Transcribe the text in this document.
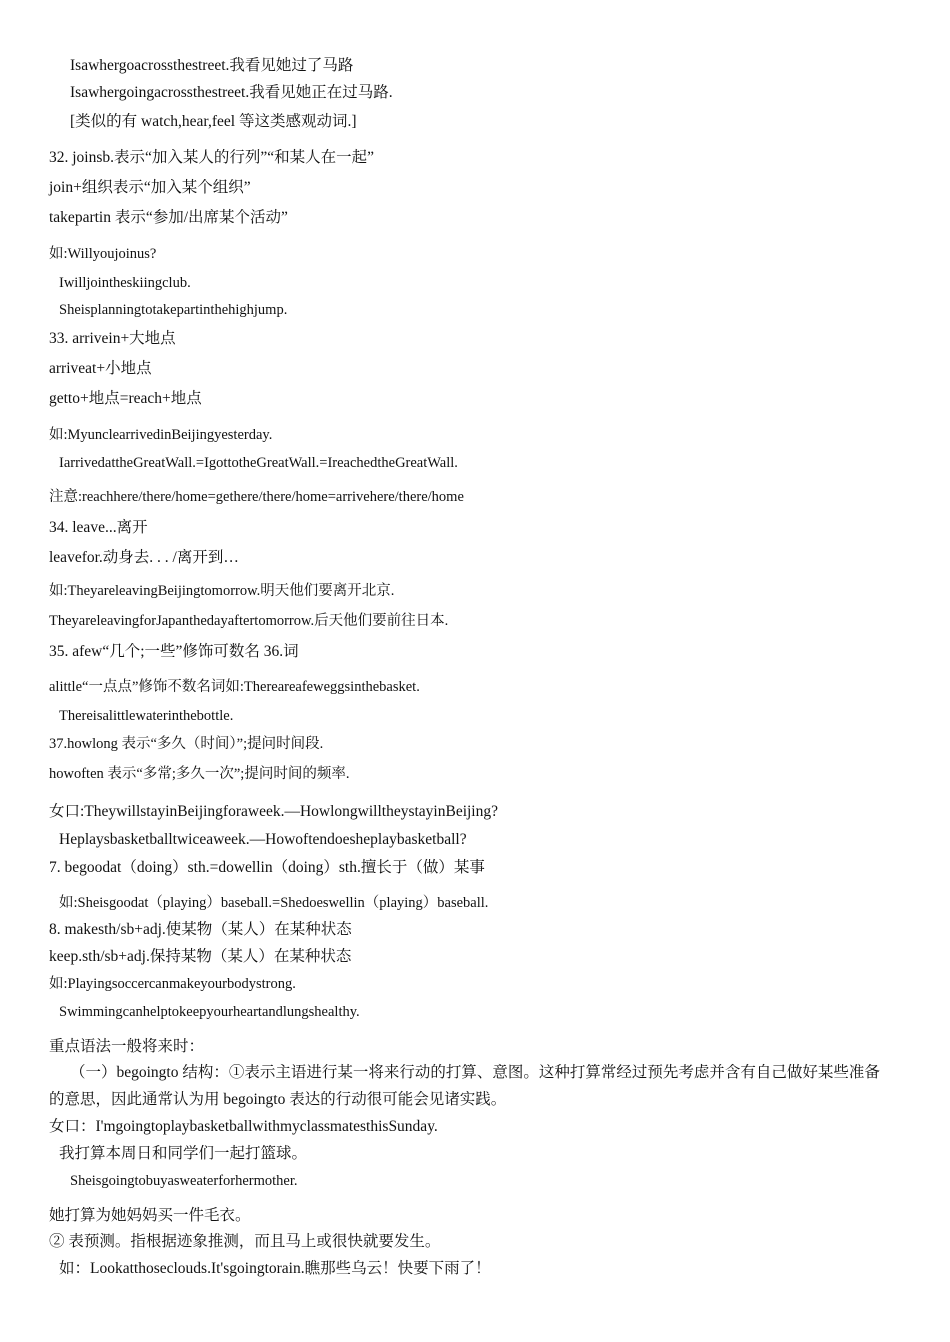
Isawhergoacrossthestreet.我看见她过了马路
Isawhergoingacrossthestreet.我看见她正在过马路.
[类似的有 watch,hear,feel 等这类感观动词.]
32. joinsb.表示“加入某人的行列”“和某人在一起”
join+组织表示“加入某个组织”
takepartin 表示“参加/出席某个活动”
如:Willyoujoinus?
Iwilljointheskiingclub.
Sheisplanningtotakepartinthehighjump.
33. arrivein+大地点
arriveat+小地点
getto+地点=reach+地点
如:MyunclearrivedinBeijingyesterday.
IarrivedattheGreatWall.=IgottotheGreatWall.=IreachedtheGreatWall.
注意:reachhere/there/home=gethere/there/home=arrivehere/there/home
34. leave...离开
leavefor.动身去. . . /离开到…
如:TheyareleavingBeijingtomorrow.明天他们要离开北京.
TheyareleavingforJapanthedayaftertomorrow.后天他们要前往日本.
35. afew“几个;一些”修饰可数名 36.词
alittle“一点点”修饰不数名词如:Thereareafeweggsinthebasket.
Thereisalittlewaterinthebottle.
37.howlong 表示“多久（时间）”;提问时间段.
howoften 表示“多常;多久一次”;提问时间的频率.
女口:TheywillstayinBeijingforaweek.—HowlongwilltheystayinBeijing?
Heplaysbasketballtwiceaweek.—Howoftendoesheplaybasketball?
7. begoodat（doing）sth.=dowellin（doing）sth.擅长于（做）某事
如:Sheisgoodat（playing）baseball.=Shedoeswellin（playing）baseball.
8. makesth/sb+adj.使某物（某人）在某种状态
keep.sth/sb+adj.保持某物（某人）在某种状态
如:Playingsoccercanmakeyourbodystrong.
Swimmingcanhelptokeepyourheartandlungshealthy.
重点语法一般将来时：
（一）begoingto 结构：①表示主语进行某一将来行动的打算、意图。这种打算常经过预先考虑并含有自己做好某些准备
的意思，因此通常认为用 begoingto 表达的行动很可能会见诸实践。
女口：I'mgoingtoplaybasketballwithmyclassmatesthisSunday.
我打算本周日和同学们一起打篮球。
Sheisgoingtobuyasweaterforhermother.
她打算为她妈妈买一件毛衣。
② 表预测。指根据迹象推测，而且马上或很快就要发生。
如：Lookatthoseclouds.It'sgoingtorain.瞧那些乌云！快要下雨了！
